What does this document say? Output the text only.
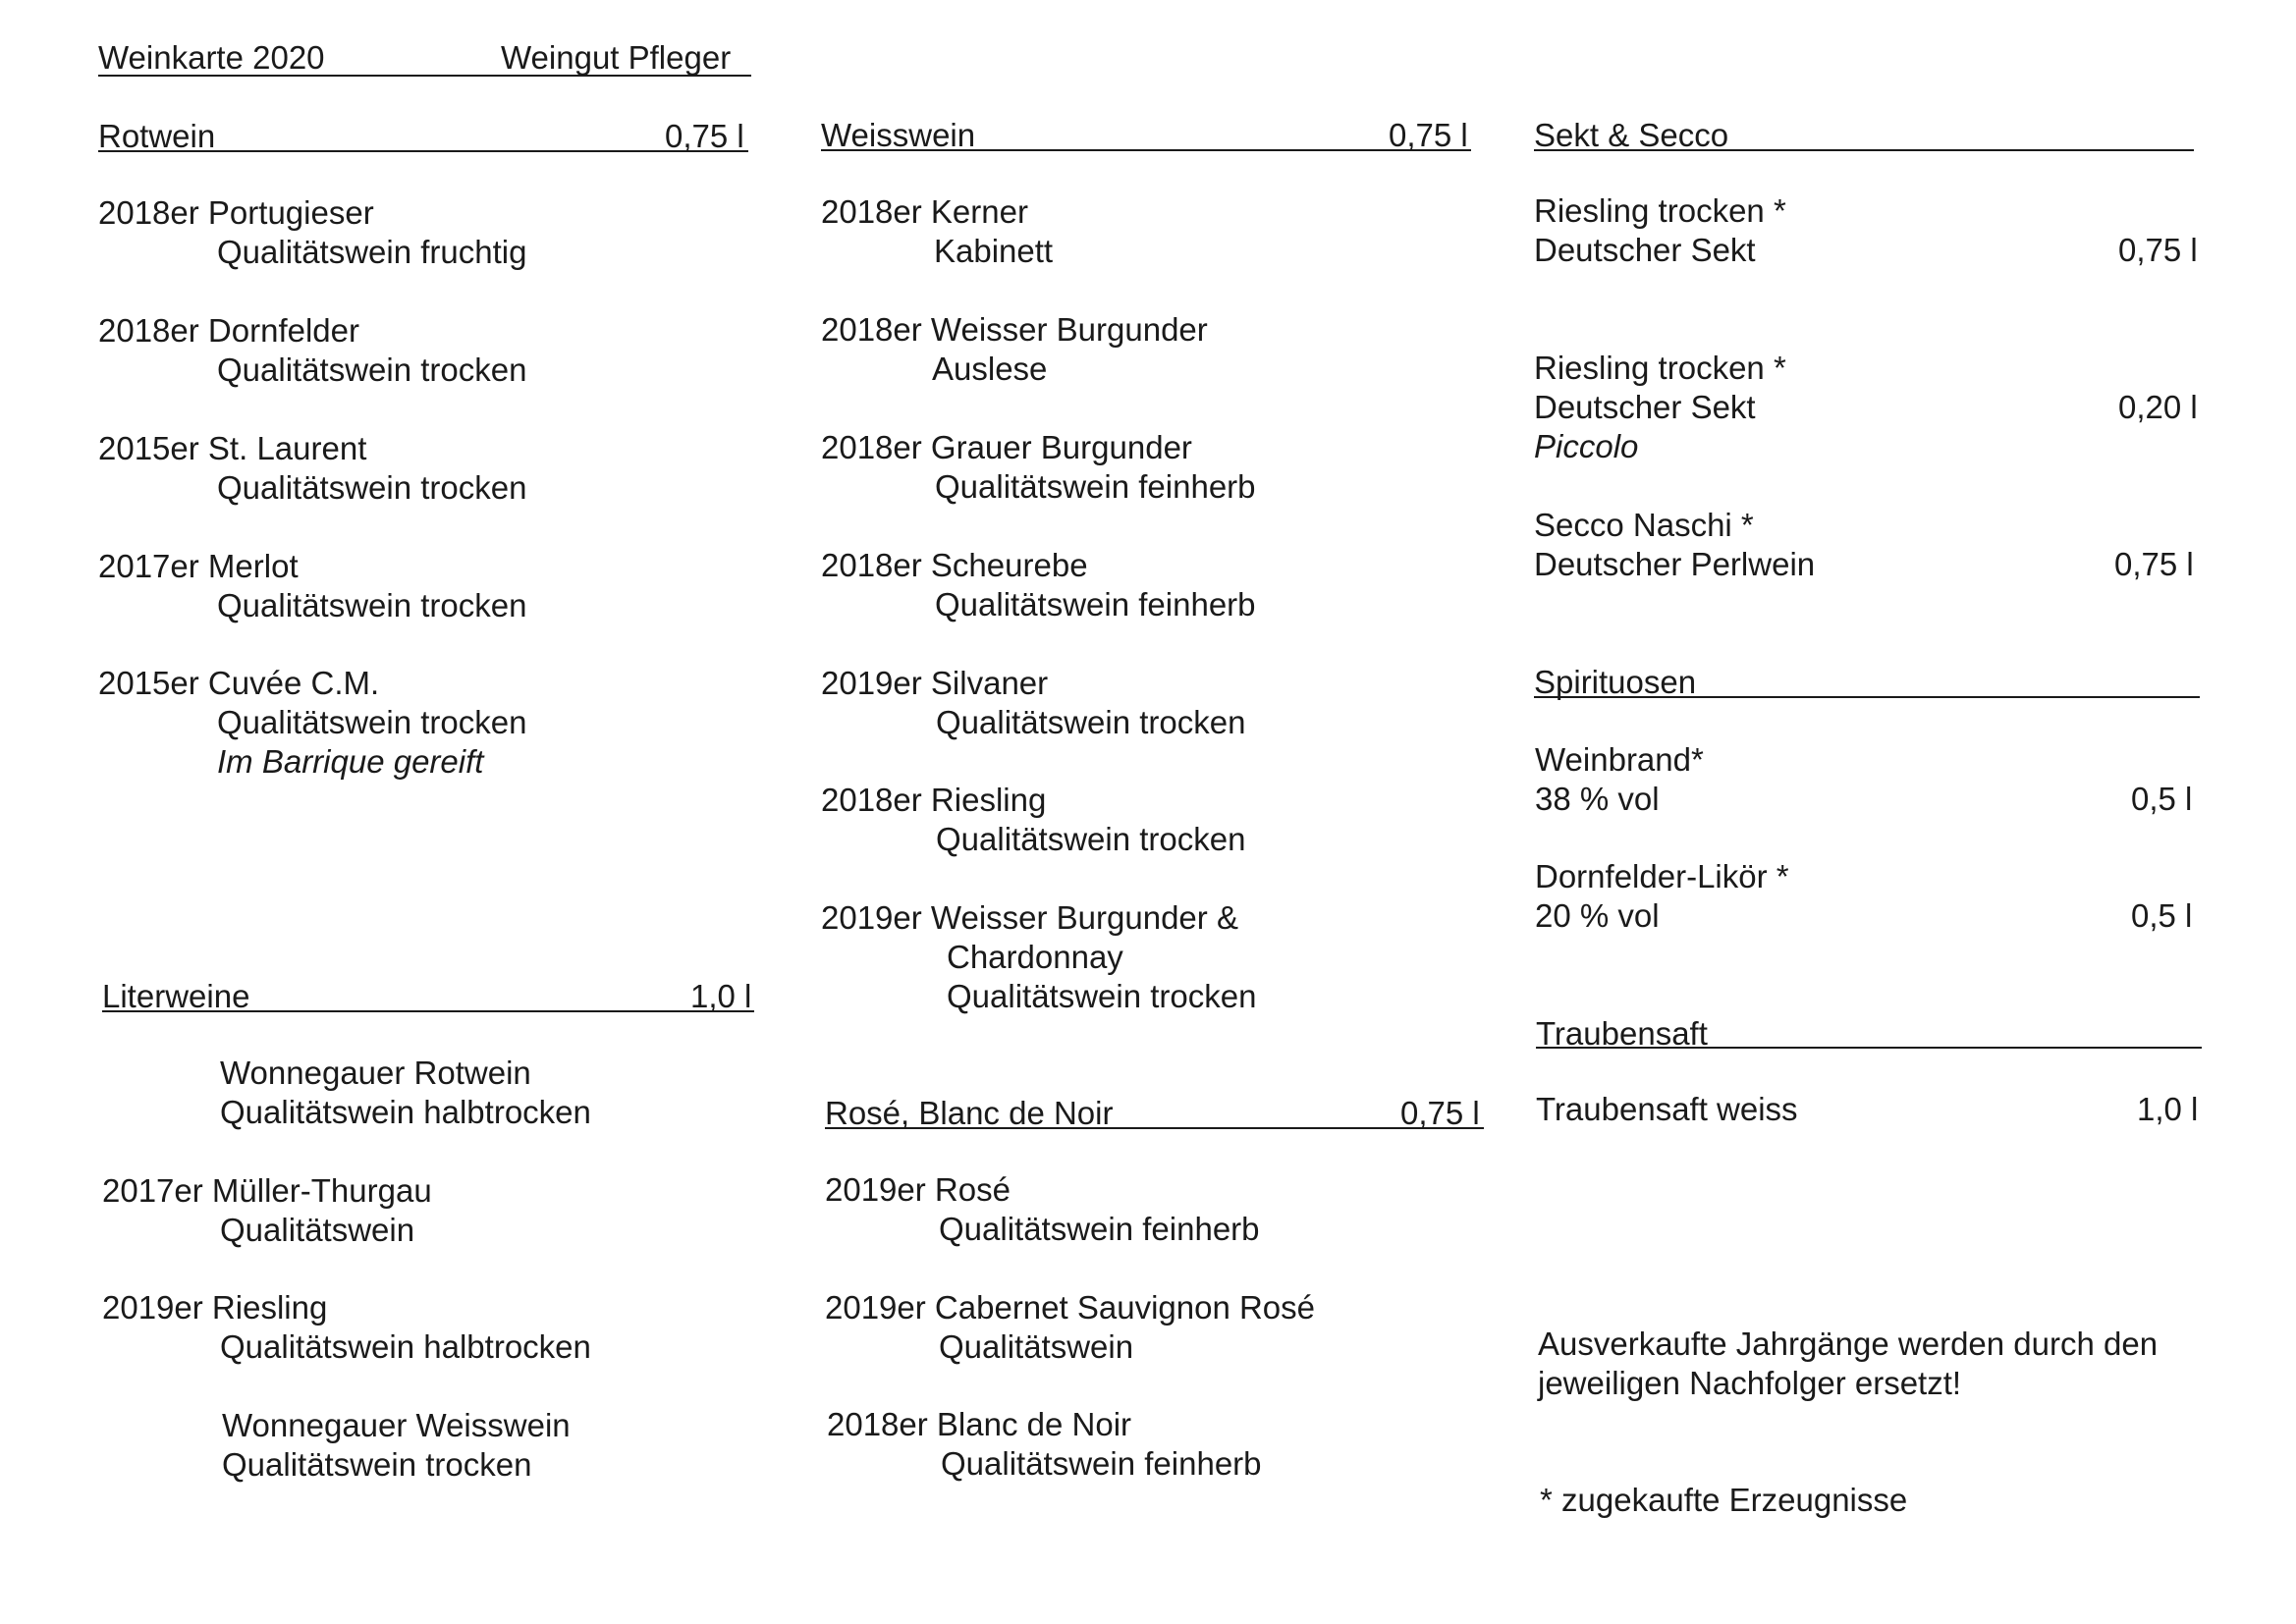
Weinkarte 2020	Weingut Pfleger
Rotwein	0,75 l
2018er Portugieser
Qualitätswein fruchtig
2018er Dornfelder
Qualitätswein trocken
2015er St. Laurent
Qualitätswein trocken
2017er Merlot
Qualitätswein trocken
2015er Cuvée C.M.
Qualitätswein trocken
Im Barrique gereift
Literweine	1,0 l
Wonnegauer Rotwein
Qualitätswein halbtrocken
2017er Müller-Thurgau
Qualitätswein
2019er Riesling
Qualitätswein halbtrocken
Wonnegauer Weisswein
Qualitätswein trocken
Weisswein	0,75 l
2018er Kerner
Kabinett
2018er Weisser Burgunder
Auslese
2018er Grauer Burgunder
Qualitätswein feinherb
2018er Scheurebe
Qualitätswein feinherb
2019er Silvaner
Qualitätswein trocken
2018er Riesling
Qualitätswein trocken
2019er Weisser Burgunder &
Chardonnay
Qualitätswein trocken
Rosé, Blanc de Noir	0,75 l
2019er Rosé
Qualitätswein feinherb
2019er Cabernet Sauvignon Rosé
Qualitätswein
2018er Blanc de Noir
Qualitätswein feinherb
Sekt & Secco
Riesling trocken *
Deutscher Sekt	0,75 l
Riesling trocken *
Deutscher Sekt	0,20 l
Piccolo
Secco Naschi *
Deutscher Perlwein	0,75 l
Spirituosen
Weinbrand*
38 % vol	0,5 l
Dornfelder-Likör *
20 % vol	0,5 l
Traubensaft
Traubensaft weiss	1,0 l
Ausverkaufte Jahrgänge werden durch den
jeweiligen Nachfolger ersetzt!
* zugekaufte Erzeugnisse
